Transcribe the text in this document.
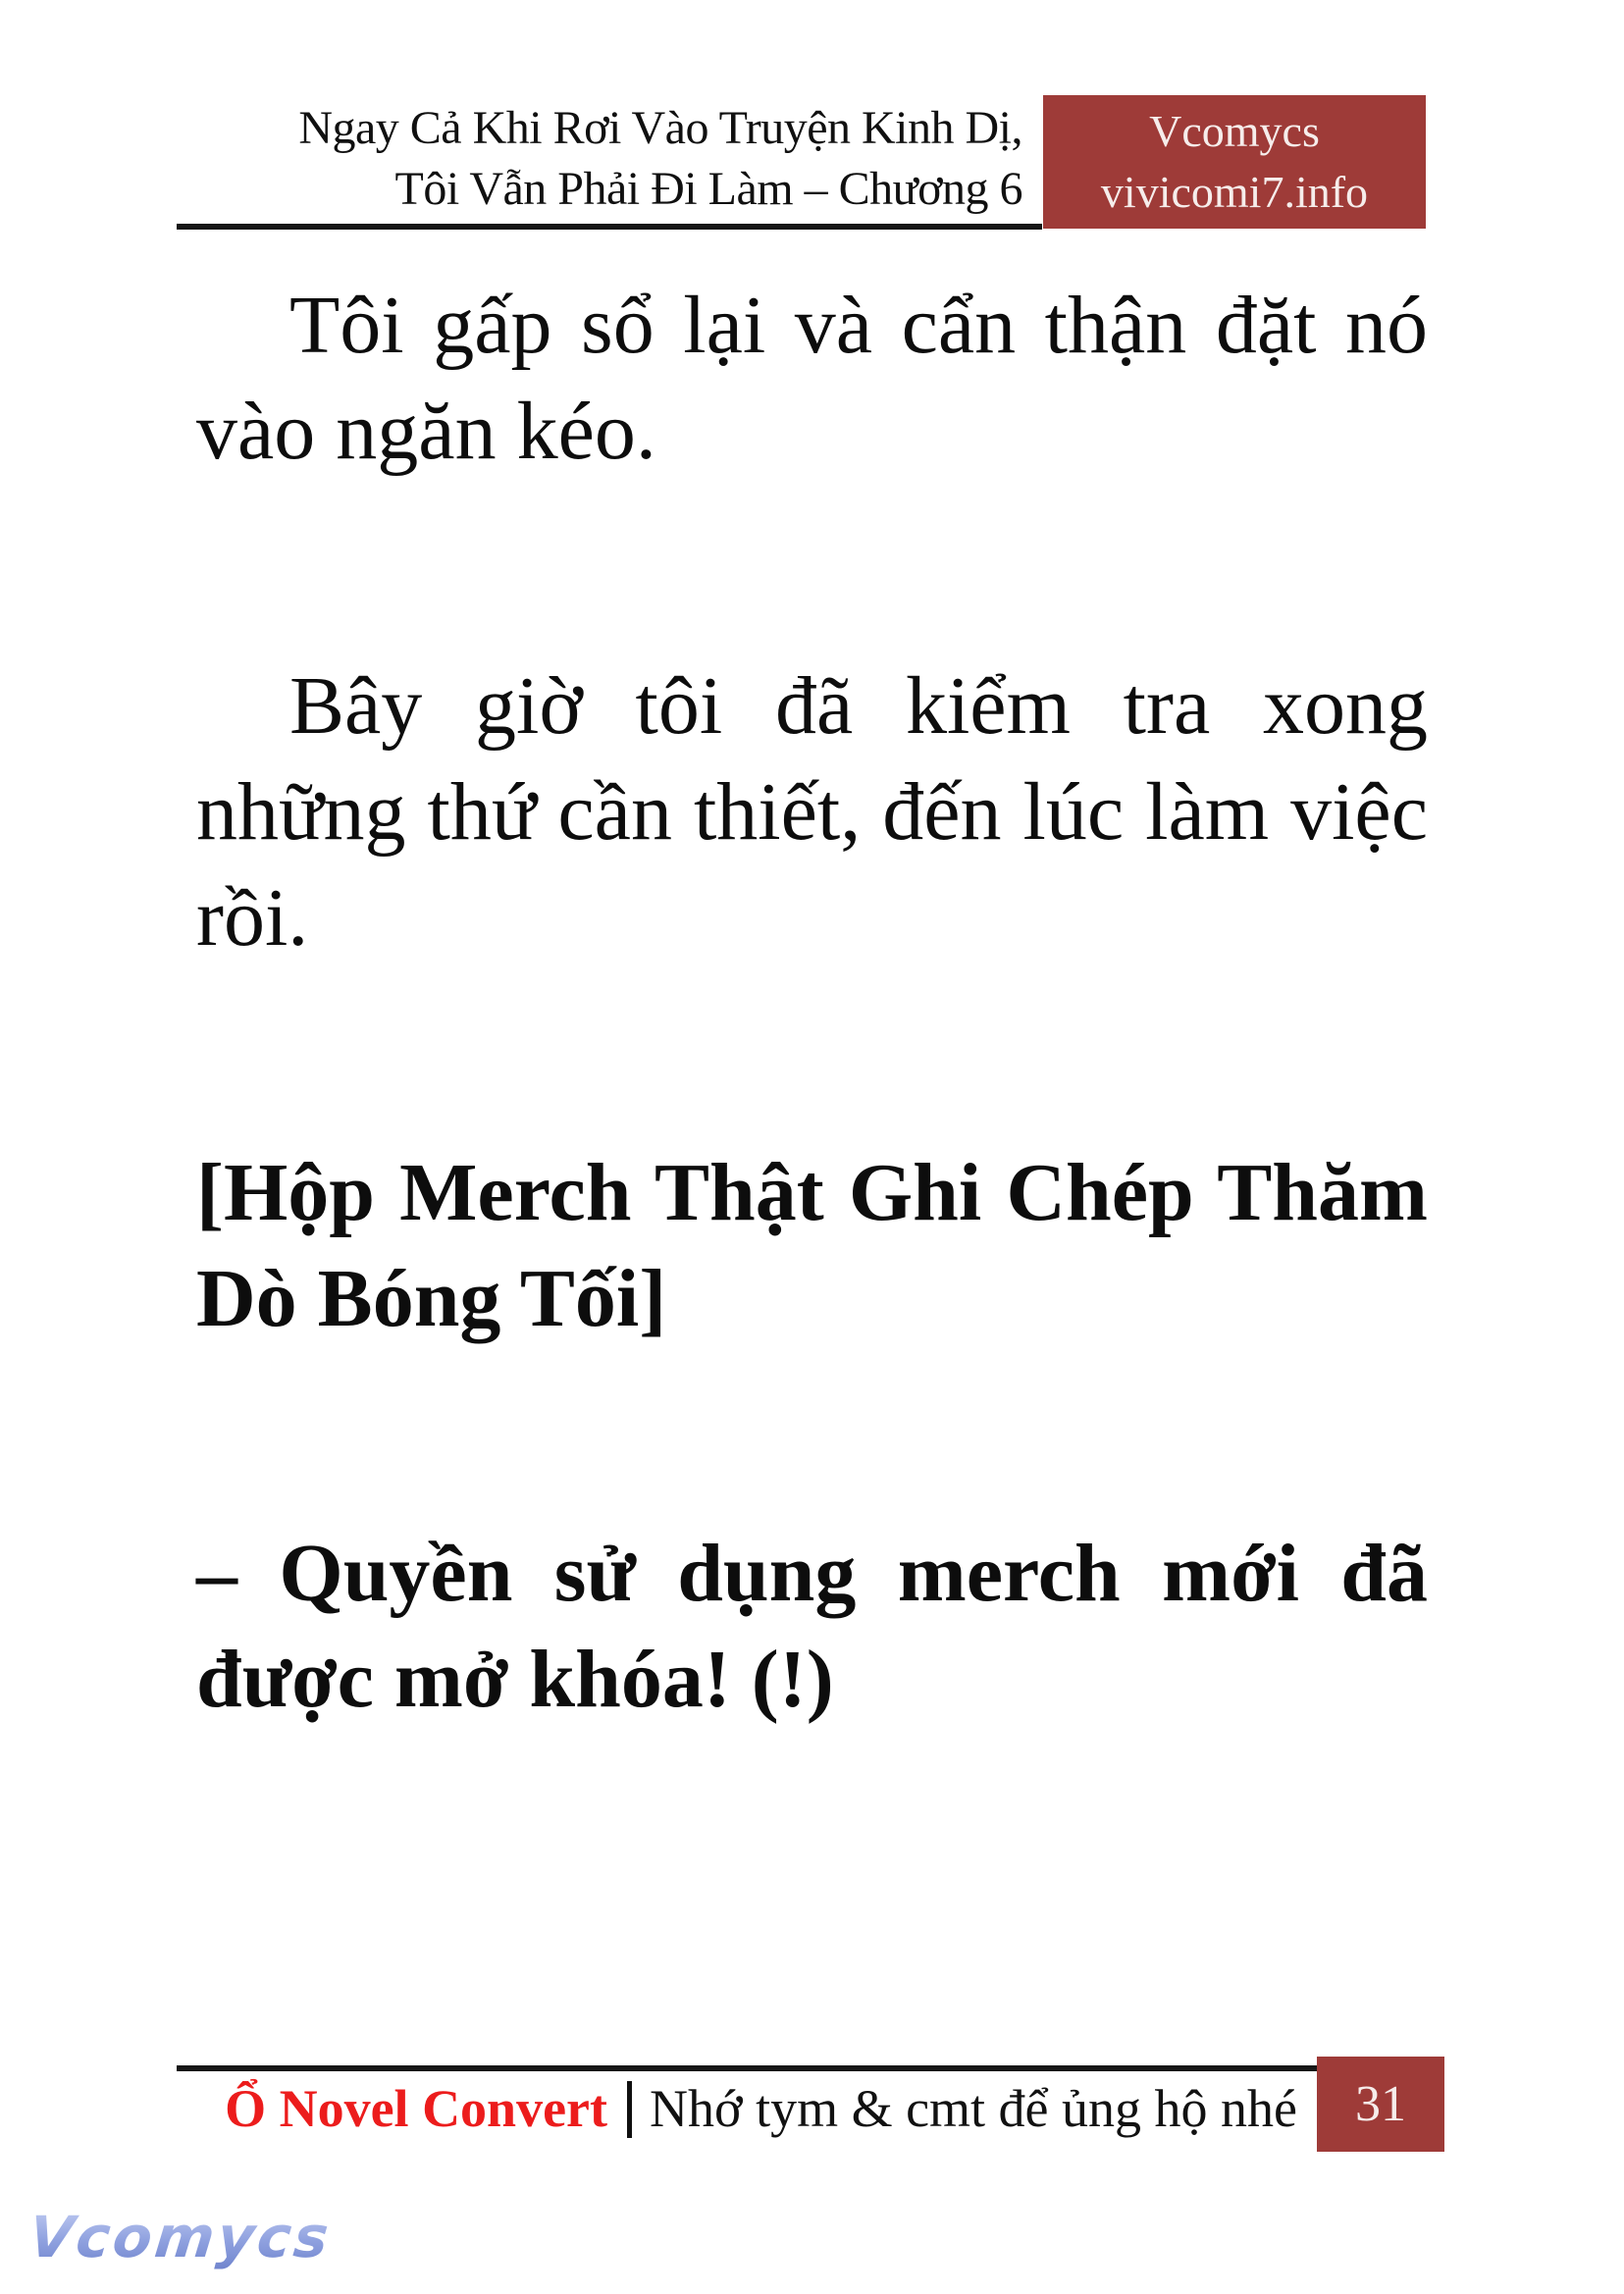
Ngay Cả Khi Rơi Vào Truyện Kinh Dị,
Tôi Vẫn Phải Đi Làm – Chương 6
Vcomycs
vivicomi7.info

Tôi gấp sổ lại và cẩn thận đặt nó
vào ngăn kéo.

Bây giờ tôi đã kiểm tra xong
những thứ cần thiết, đến lúc làm việc
rồi.

[Hộp Merch Thật Ghi Chép Thăm
Dò Bóng Tối]

– Quyền sử dụng merch mới đã
được mở khóa! (!)

Ổ Novel Convert Nhớ tym & cmt để ủng hộ nhé 31
Vcomycs
